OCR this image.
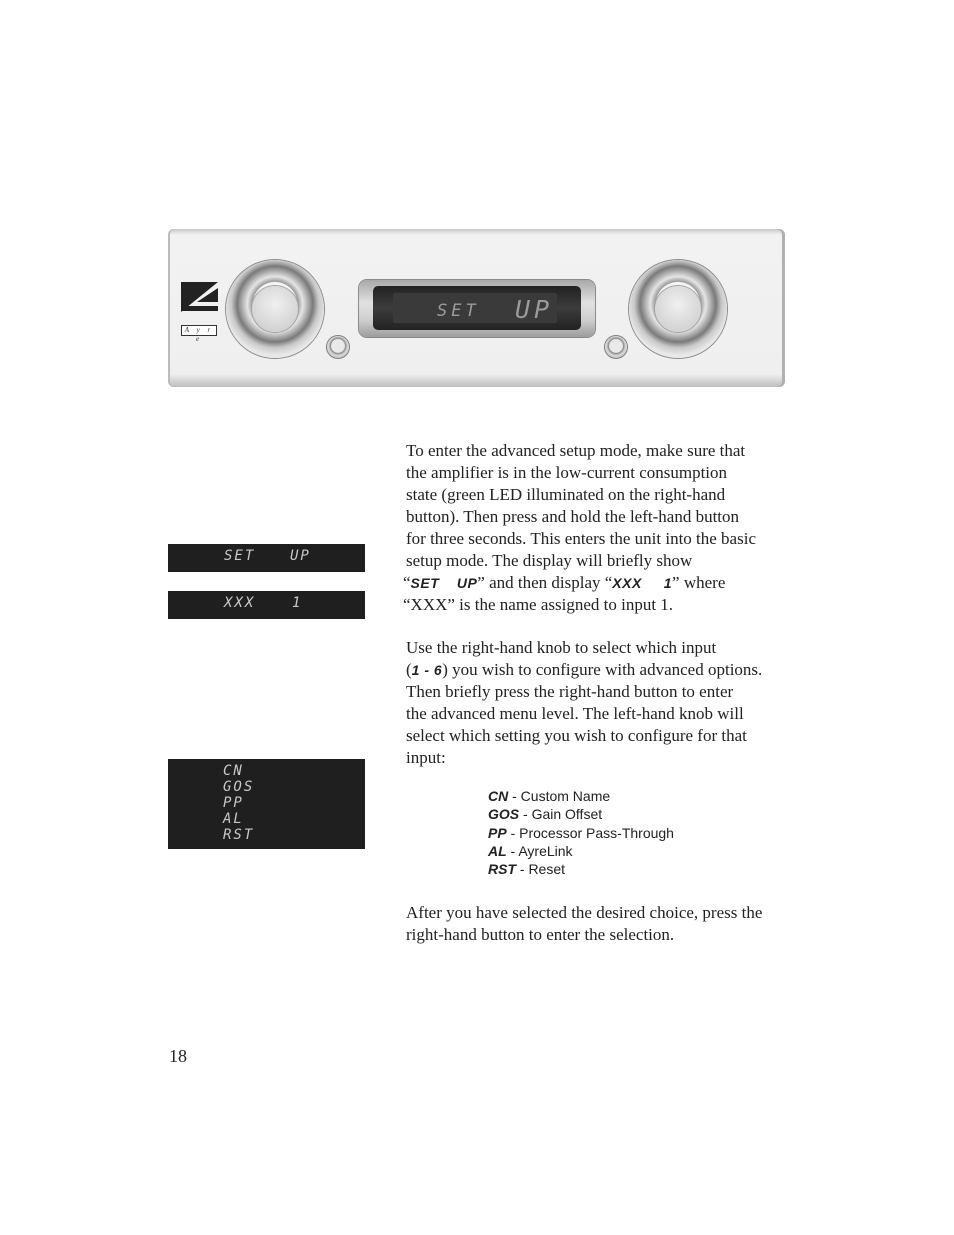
A y r e
SET UP
SET UP
XXX	1
CN
GOS
PP
AL
RST
To enter the advanced setup mode, make sure that
the amplifier is in the low-current consumption
state (green LED illuminated on the right-hand
button). Then press and hold the left-hand button
for three seconds. This enters the unit into the basic
setup mode. The display will briefly show
“SET    UP” and then display “XXX     1” where
“XXX” is the name assigned to input 1.
Use the right-hand knob to select which input
(1 - 6) you wish to configure with advanced options.
Then briefly press the right-hand button to enter
the advanced menu level. The left-hand knob will
select which setting you wish to configure for that
input:
CN - Custom Name
GOS - Gain Offset
PP - Processor Pass-Through
AL - AyreLink
RST - Reset
After you have selected the desired choice, press the
right-hand button to enter the selection.
18
